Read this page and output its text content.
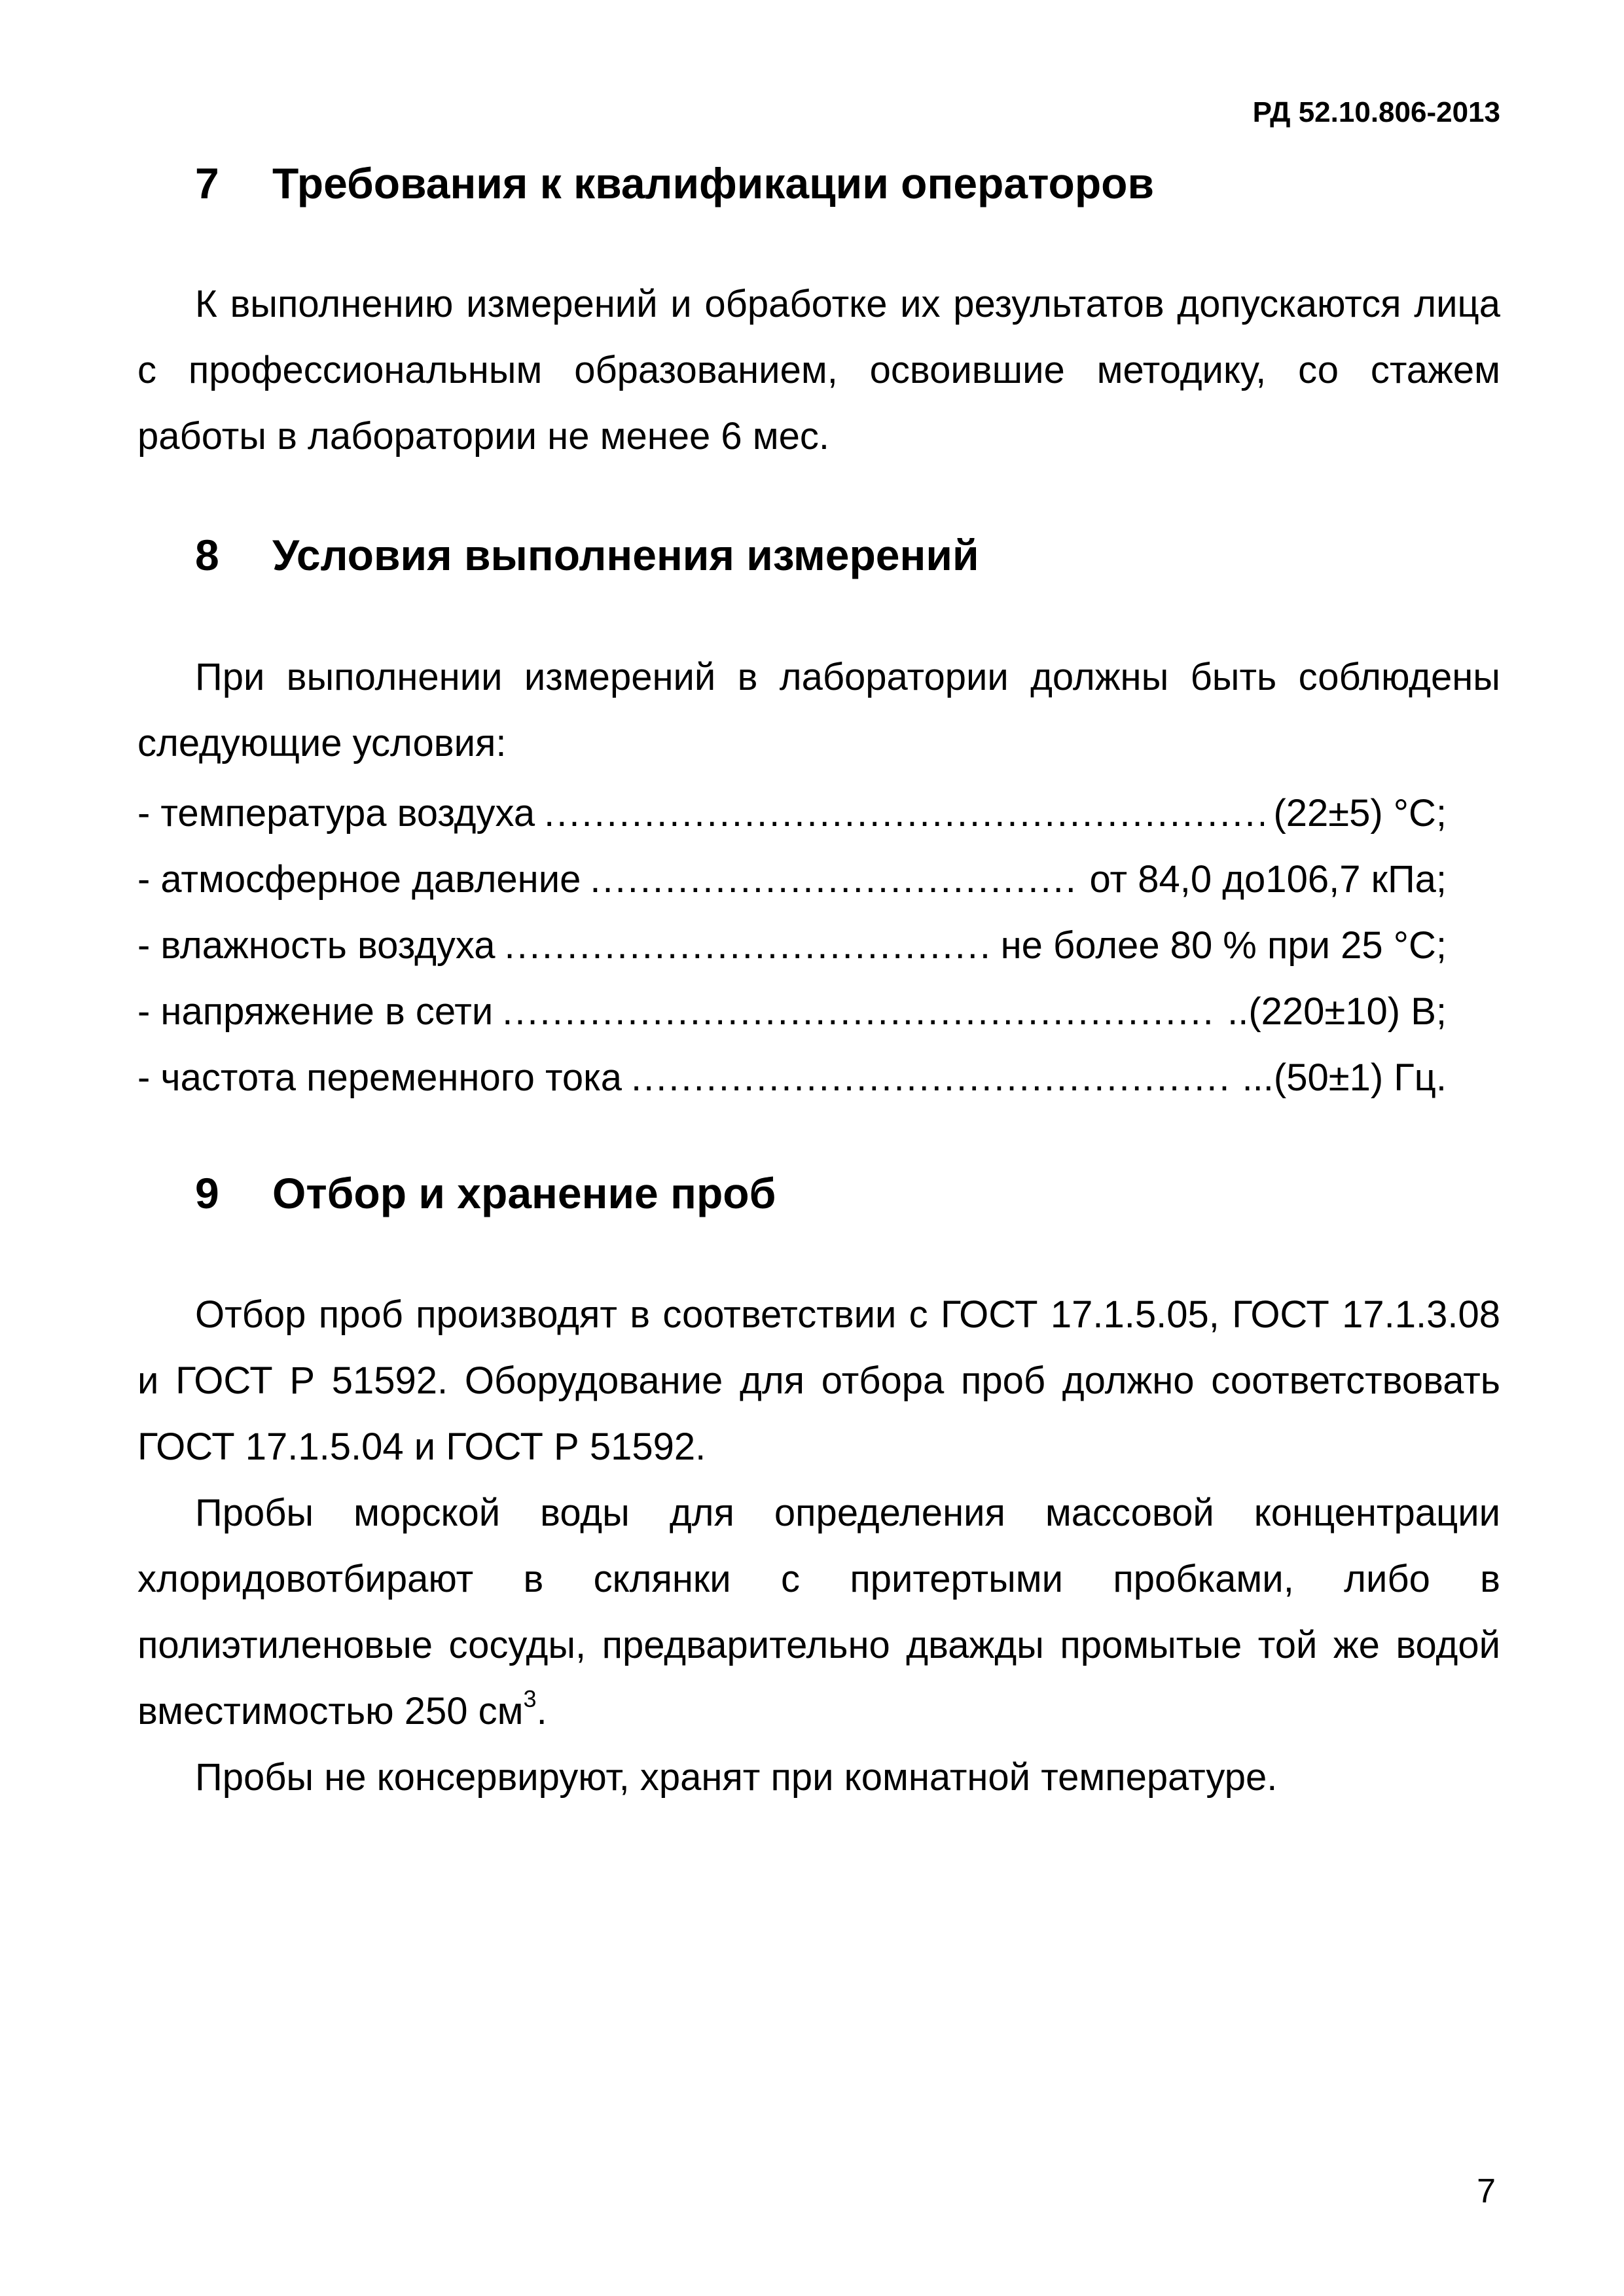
РД 52.10.806-2013
7 Требования к квалификации операторов

К выполнению измерений и обработке их результатов допускаются лица с профессиональным образованием, освоившие методику, со стажем работы в лаборатории не менее 6 мес.

8 Условия выполнения измерений

При выполнении измерений в лаборатории должны быть соблюдены следующие условия:

- температура воздуха .....	(22±5) °С;
- атмосферное давление .....	от 84,0 до106,7 кПа;
- влажность воздуха .....	не более 80 % при 25 °С;
- напряжение в сети .....	..(220±10) В;
- частота переменного тока .....	...(50±1) Гц.
9 Отбор и хранение проб

Отбор проб производят в соответствии с ГОСТ 17.1.5.05, ГОСТ 17.1.3.08 и ГОСТ Р 51592. Оборудование для отбора проб должно соответствовать ГОСТ 17.1.5.04 и ГОСТ Р 51592.

Пробы морской воды для определения массовой концентрации хлоридовотбирают в склянки с притертыми пробками, либо в полиэтиленовые сосуды, предварительно дважды промытые той же водой вместимостью 250 $см^3$.

Пробы не консервируют, хранят при комнатной температуре.

7
